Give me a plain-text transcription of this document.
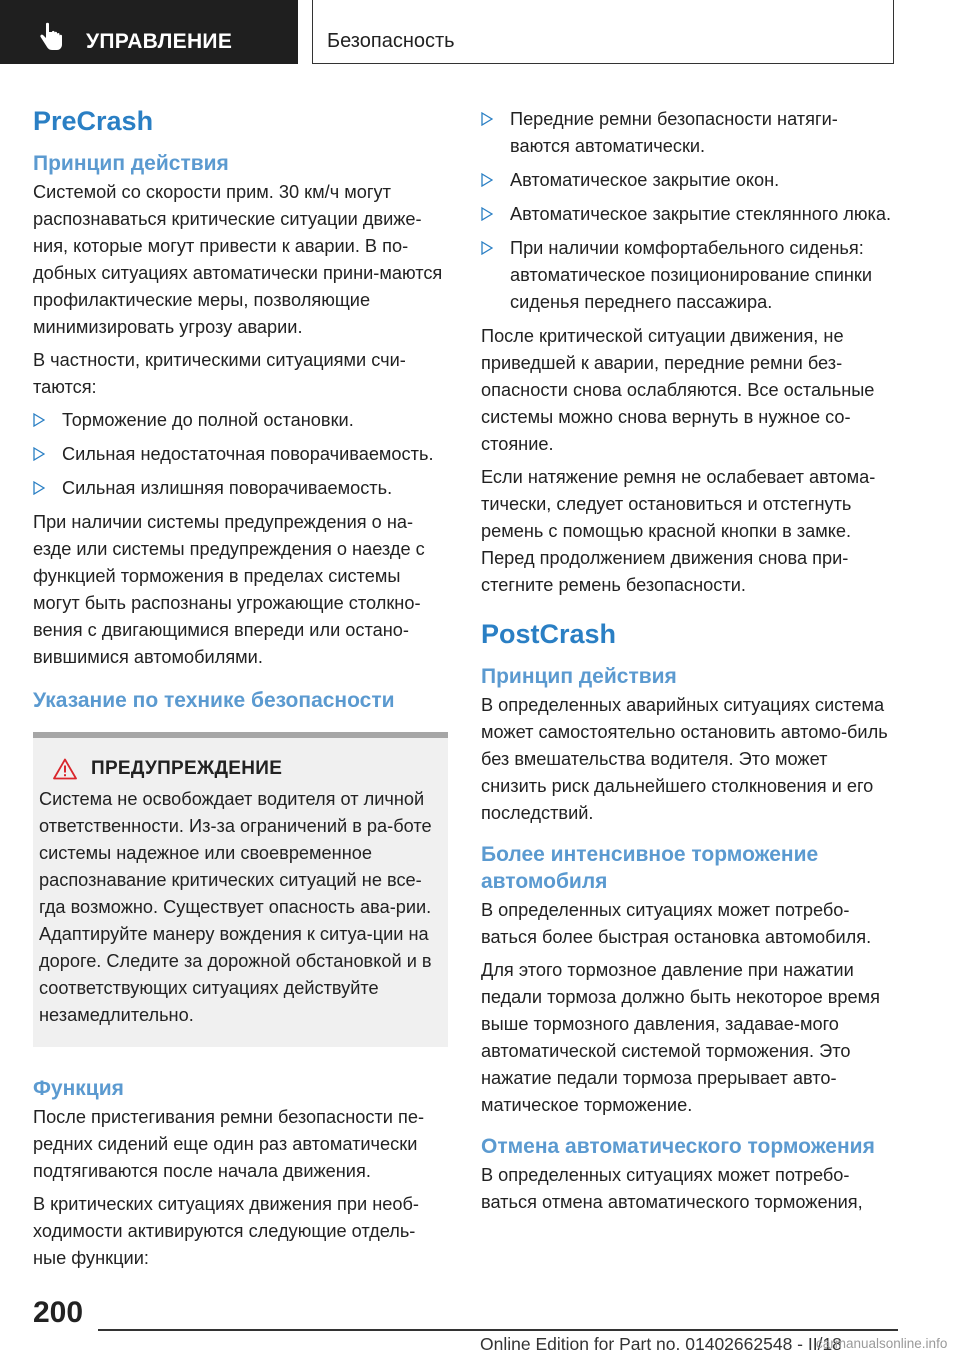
УПРАВЛЕНИЕ	Безопасность
PreCrash
Принцип действия

Системой со скорости прим. 30 км/ч могут распознаваться критические ситуации движе‐ния, которые могут привести к аварии. В по‐добных ситуациях автоматически прини‐маются профилактические меры, позволяющие минимизировать угрозу аварии.

В частности, критическими ситуациями счи‐таются:

Торможение до полной остановки.
Сильная недостаточная поворачиваемость.
Сильная излишняя поворачиваемость.

При наличии системы предупреждения о на‐езде или системы предупреждения о наезде с функцией торможения в пределах системы могут быть распознаны угрожающие столкно‐вения с двигающимися впереди или остано‐вившимися автомобилями.

Указание по технике безопасности
ПРЕДУПРЕЖДЕНИЕ

Система не освобождает водителя от личной ответственности. Из-за ограничений в ра‐боте системы надежное или своевременное распознавание критических ситуаций не все‐гда возможно. Существует опасность ава‐рии. Адаптируйте манеру вождения к ситуа‐ции на дороге. Следите за дорожной обстановкой и в соответствующих ситуациях действуйте незамедлительно.

Функция

После пристегивания ремни безопасности пе‐редних сидений еще один раз автоматически подтягиваются после начала движения.

В критических ситуациях движения при необ‐ходимости активируются следующие отдель‐ные функции:

Передние ремни безопасности натяги‐ваются автоматически.
Автоматическое закрытие окон.
Автоматическое закрытие стеклянного люка.
При наличии комфортабельного сиденья: автоматическое позиционирование спинки сиденья переднего пассажира.

После критической ситуации движения, не приведшей к аварии, передние ремни без‐опасности снова ослабляются. Все остальные системы можно снова вернуть в нужное со‐стояние.

Если натяжение ремня не ослабевает автома‐тически, следует остановиться и отстегнуть ремень с помощью красной кнопки в замке. Перед продолжением движения снова при‐стегните ремень безопасности.

PostCrash
Принцип действия

В определенных аварийных ситуациях система может самостоятельно остановить автомо‐биль без вмешательства водителя. Это может снизить риск дальнейшего столкновения и его последствий.

Более интенсивное торможение автомобиля

В определенных ситуациях может потребо‐ваться более быстрая остановка автомобиля.

Для этого тормозное давление при нажатии педали тормоза должно быть некоторое время выше тормозного давления, задавае‐мого автоматической системой торможения. Это нажатие педали тормоза прерывает авто‐матическое торможение.

Отмена автоматического торможения

В определенных ситуациях может потребо‐ваться отмена автоматического торможения,

200
Online Edition for Part no. 01402662548 - II/18
carmanualsonline.info
